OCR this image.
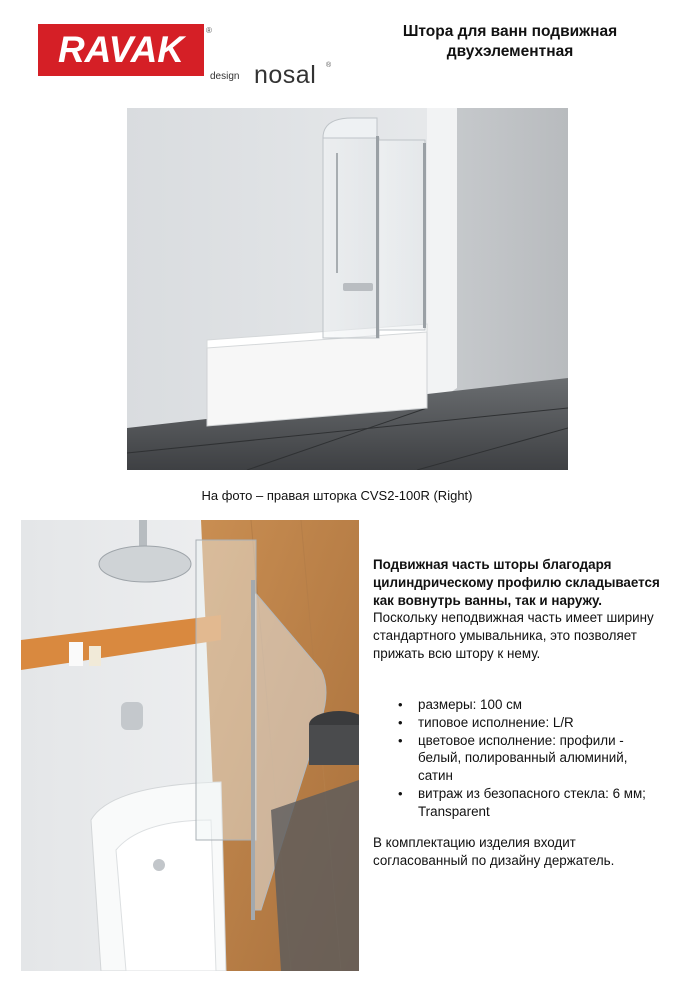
RAVAK	®
design nosal ®
Штора для ванн подвижная
двухэлементная
На фото – правая шторка CVS2-100R (Right)
Подвижная часть шторы благодаря цилиндрическому профилю складывается как вовнутрь ванны, так и наружу. Поскольку неподвижная часть имеет ширину стандартного умывальника, это позволяет прижать всю штору к нему.
• размеры: 100 см
• типовое исполнение: L/R
• цветовое исполнение: профили - белый, полированный алюминий, сатин
• витраж из безопасного стекла: 6 мм; Transparent
В комплектацию изделия входит согласованный по дизайну держатель.
